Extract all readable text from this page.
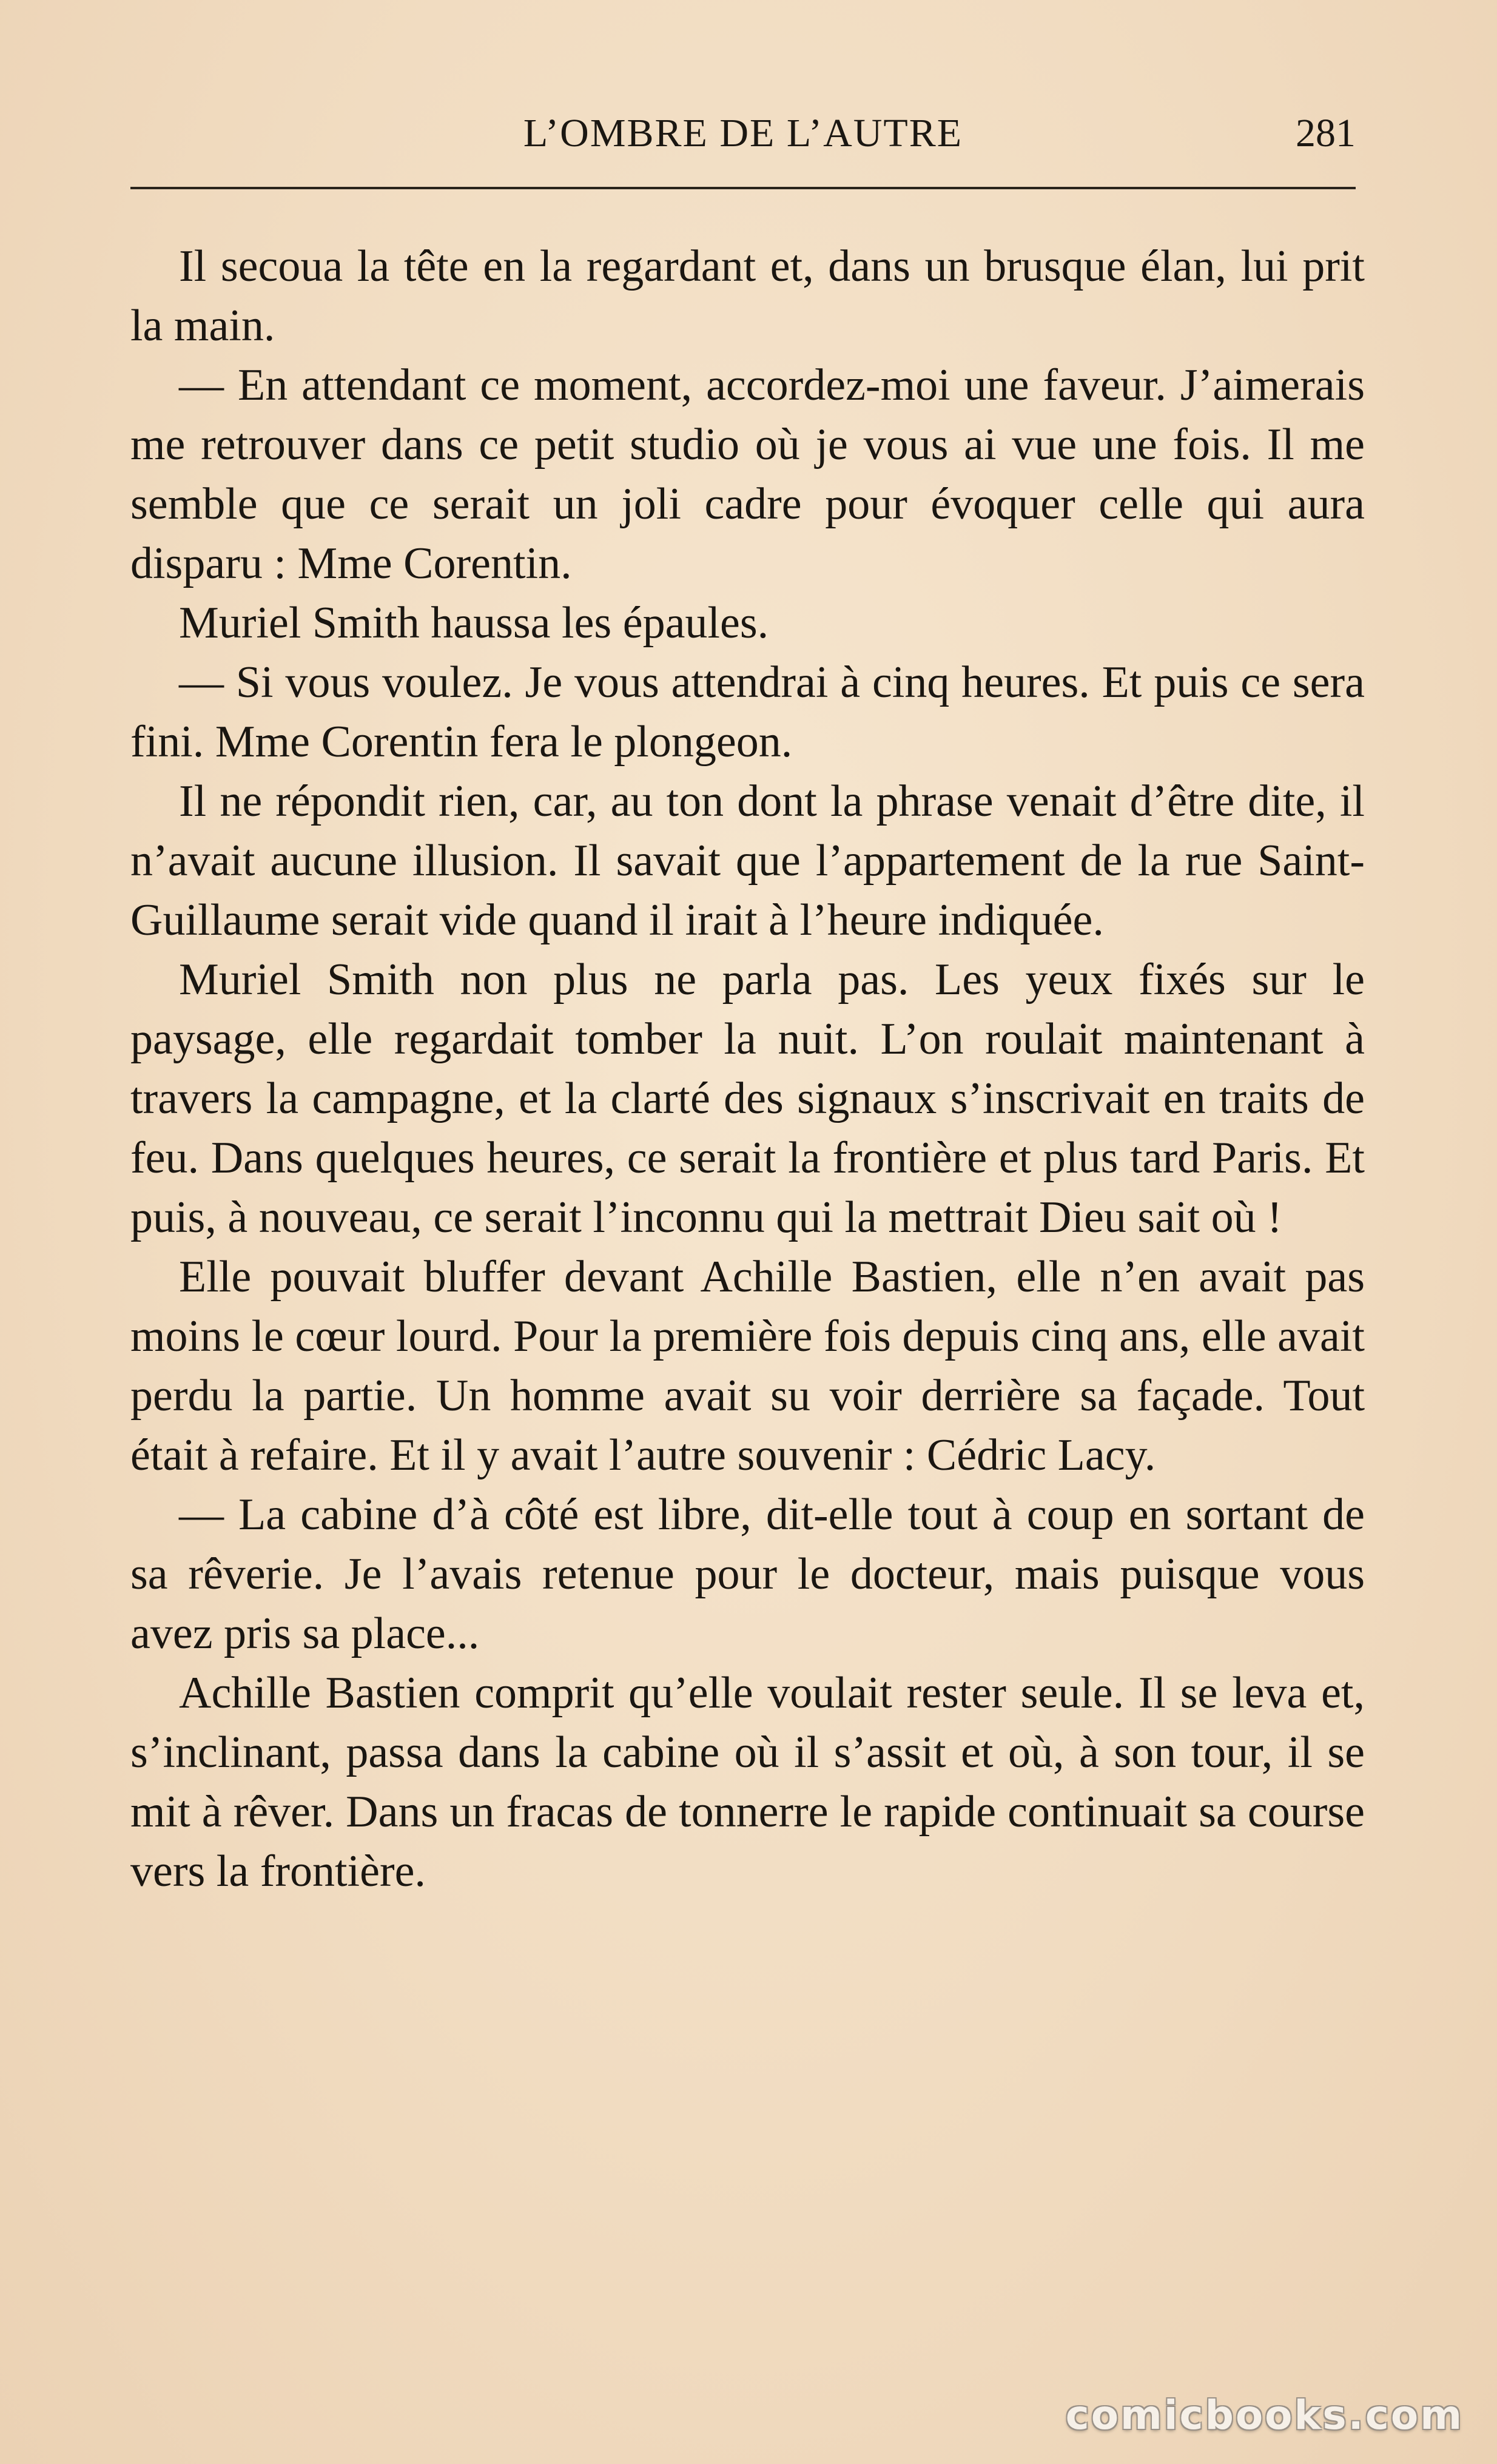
L’OMBRE DE L’AUTRE	281

Il secoua la tête en la regardant et, dans un brusque élan, lui prit la main.

— En attendant ce moment, accordez-moi une faveur. J’aimerais me retrouver dans ce petit studio où je vous ai vue une fois. Il me semble que ce serait un joli cadre pour évoquer celle qui aura disparu : Mme Corentin.

Muriel Smith haussa les épaules.

— Si vous voulez. Je vous attendrai à cinq heures. Et puis ce sera fini. Mme Corentin fera le plongeon.

Il ne répondit rien, car, au ton dont la phrase venait d’être dite, il n’avait aucune illusion. Il savait que l’appartement de la rue Saint-Guillaume serait vide quand il irait à l’heure indiquée.

Muriel Smith non plus ne parla pas. Les yeux fixés sur le paysage, elle regardait tomber la nuit. L’on roulait maintenant à travers la campagne, et la clarté des signaux s’inscrivait en traits de feu. Dans quelques heures, ce serait la frontière et plus tard Paris. Et puis, à nouveau, ce serait l’inconnu qui la mettrait Dieu sait où !

Elle pouvait bluffer devant Achille Bastien, elle n’en avait pas moins le cœur lourd. Pour la première fois depuis cinq ans, elle avait perdu la partie. Un homme avait su voir derrière sa façade. Tout était à refaire. Et il y avait l’autre souvenir : Cédric Lacy.

— La cabine d’à côté est libre, dit-elle tout à coup en sortant de sa rêverie. Je l’avais retenue pour le docteur, mais puisque vous avez pris sa place...

Achille Bastien comprit qu’elle voulait rester seule. Il se leva et, s’inclinant, passa dans la cabine où il s’assit et où, à son tour, il se mit à rêver. Dans un fracas de tonnerre le rapide continuait sa course vers la frontière.

comicbooks.com
